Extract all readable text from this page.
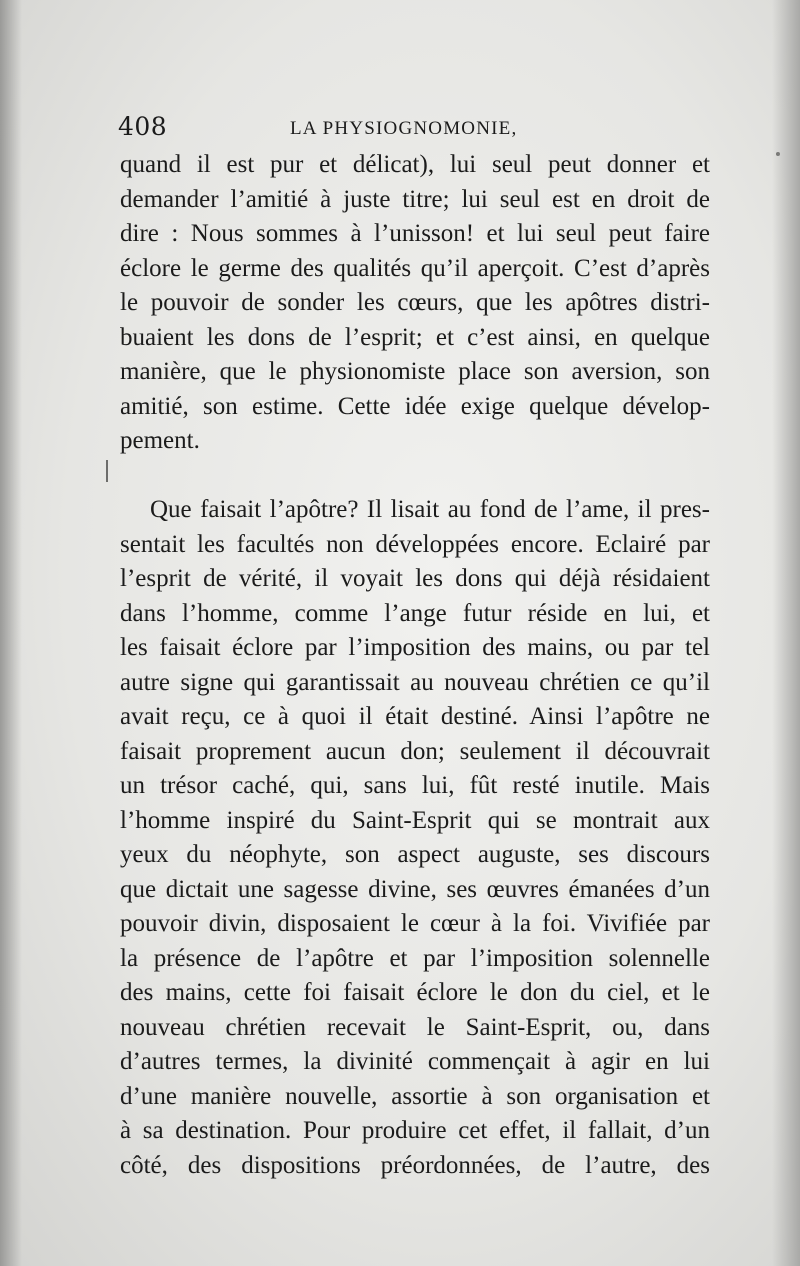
408	LA PHYSIOGNOMONIE,
quand il est pur et délicat), lui seul peut donner et
demander l’amitié à juste titre; lui seul est en droit de
dire : Nous sommes à l’unisson! et lui seul peut faire
éclore le germe des qualités qu’il aperçoit. C’est d’après
le pouvoir de sonder les cœurs, que les apôtres distri-
buaient les dons de l’esprit; et c’est ainsi, en quelque
manière, que le physionomiste place son aversion, son
amitié, son estime. Cette idée exige quelque dévelop-
pement.
Que faisait l’apôtre? Il lisait au fond de l’ame, il pres-
sentait les facultés non développées encore. Eclairé par
l’esprit de vérité, il voyait les dons qui déjà résidaient
dans l’homme, comme l’ange futur réside en lui, et
les faisait éclore par l’imposition des mains, ou par tel
autre signe qui garantissait au nouveau chrétien ce qu’il
avait reçu, ce à quoi il était destiné. Ainsi l’apôtre ne
faisait proprement aucun don; seulement il découvrait
un trésor caché, qui, sans lui, fût resté inutile. Mais
l’homme inspiré du Saint-Esprit qui se montrait aux
yeux du néophyte, son aspect auguste, ses discours
que dictait une sagesse divine, ses œuvres émanées d’un
pouvoir divin, disposaient le cœur à la foi. Vivifiée par
la présence de l’apôtre et par l’imposition solennelle
des mains, cette foi faisait éclore le don du ciel, et le
nouveau chrétien recevait le Saint-Esprit, ou, dans
d’autres termes, la divinité commençait à agir en lui
d’une manière nouvelle, assortie à son organisation et
à sa destination. Pour produire cet effet, il fallait, d’un
côté, des dispositions préordonnées, de l’autre, des
